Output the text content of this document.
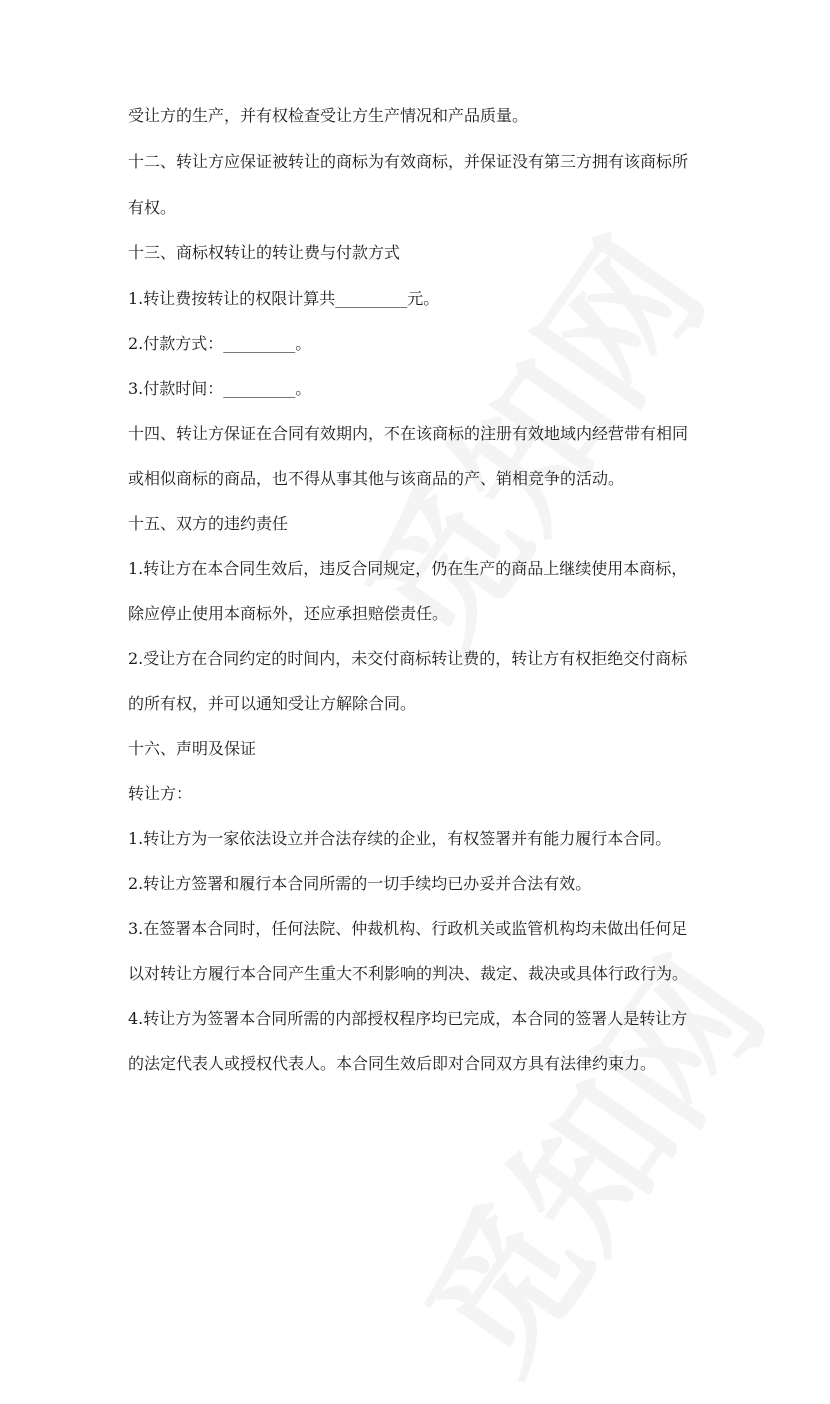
受让方的生产，并有权检查受让方生产情况和产品质量。
十二、转让方应保证被转让的商标为有效商标，并保证没有第三方拥有该商标所
有权。
十三、商标权转让的转让费与付款方式
1.转让费按转让的权限计算共_________元。
2.付款方式：_________。
3.付款时间：_________。
十四、转让方保证在合同有效期内，不在该商标的注册有效地域内经营带有相同
或相似商标的商品，也不得从事其他与该商品的产、销相竞争的活动。
十五、双方的违约责任
1.转让方在本合同生效后，违反合同规定，仍在生产的商品上继续使用本商标，
除应停止使用本商标外，还应承担赔偿责任。
2.受让方在合同约定的时间内，未交付商标转让费的，转让方有权拒绝交付商标
的所有权，并可以通知受让方解除合同。
十六、声明及保证
转让方：
1.转让方为一家依法设立并合法存续的企业，有权签署并有能力履行本合同。
2.转让方签署和履行本合同所需的一切手续均已办妥并合法有效。
3.在签署本合同时，任何法院、仲裁机构、行政机关或监管机构均未做出任何足
以对转让方履行本合同产生重大不利影响的判决、裁定、裁决或具体行政行为。
4.转让方为签署本合同所需的内部授权程序均已完成，本合同的签署人是转让方
的法定代表人或授权代表人。本合同生效后即对合同双方具有法律约束力。
